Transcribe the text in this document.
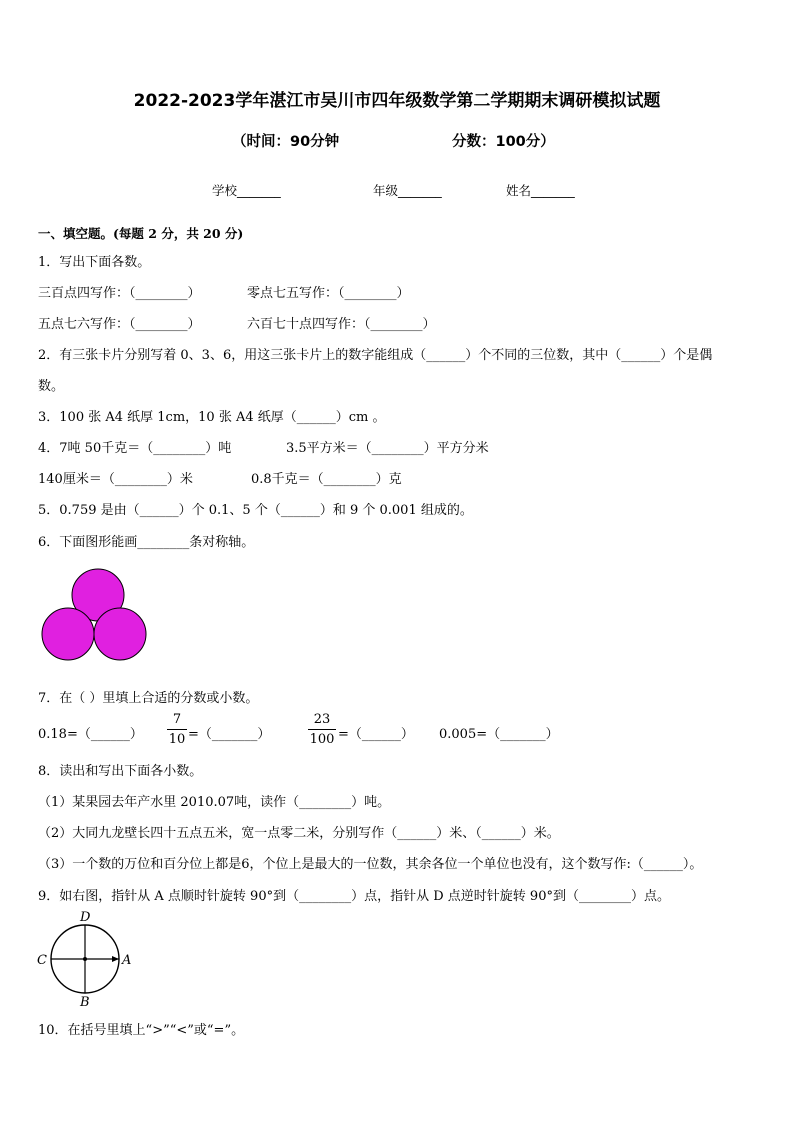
2022-2023学年湛江市吴川市四年级数学第二学期期末调研模拟试题
（时间：90分钟	分数：100分）
学校_______	年级_______	姓名_______
一、填空题。(每题 2 分，共 20 分)
1．写出下面各数。
三百点四写作：（________）	零点七五写作：（________）
五点七六写作：（________）	六百七十点四写作：（________）
2．有三张卡片分别写着 0、3、6，用这三张卡片上的数字能组成（______）个不同的三位数，其中（______）个是偶
数。
3．100 张 A4 纸厚 1cm，10 张 A4 纸厚（______）cm 。
4．7吨 50千克＝（________）吨	3.5平方米＝（________）平方分米
140厘米＝（________）米	0.8千克＝（________）克
5．0.759 是由（______）个 0.1、5 个（______）和 9 个 0.001 组成的。
6．下面图形能画________条对称轴。
7．在（ ）里填上合适的分数或小数。
0.18=（______）
7
10 =（_______）
23
100 =（______） 0.005=（_______）
8．读出和写出下面各小数。
（1）某果园去年产水里 2010.07吨，读作（________）吨。
（2）大同九龙壁长四十五点五米，宽一点零二米，分别写作（______）米、（______）米。
（3）一个数的万位和百分位上都是6，个位上是最大的一位数，其余各位一个单位也没有，这个数写作:（______）。
9．如右图，指针从 A 点顺时针旋转 90°到（________）点，指针从 D 点逆时针旋转 90°到（________）点。
D
C	A
B
10．在括号里填上“>”“<”或“=”。
